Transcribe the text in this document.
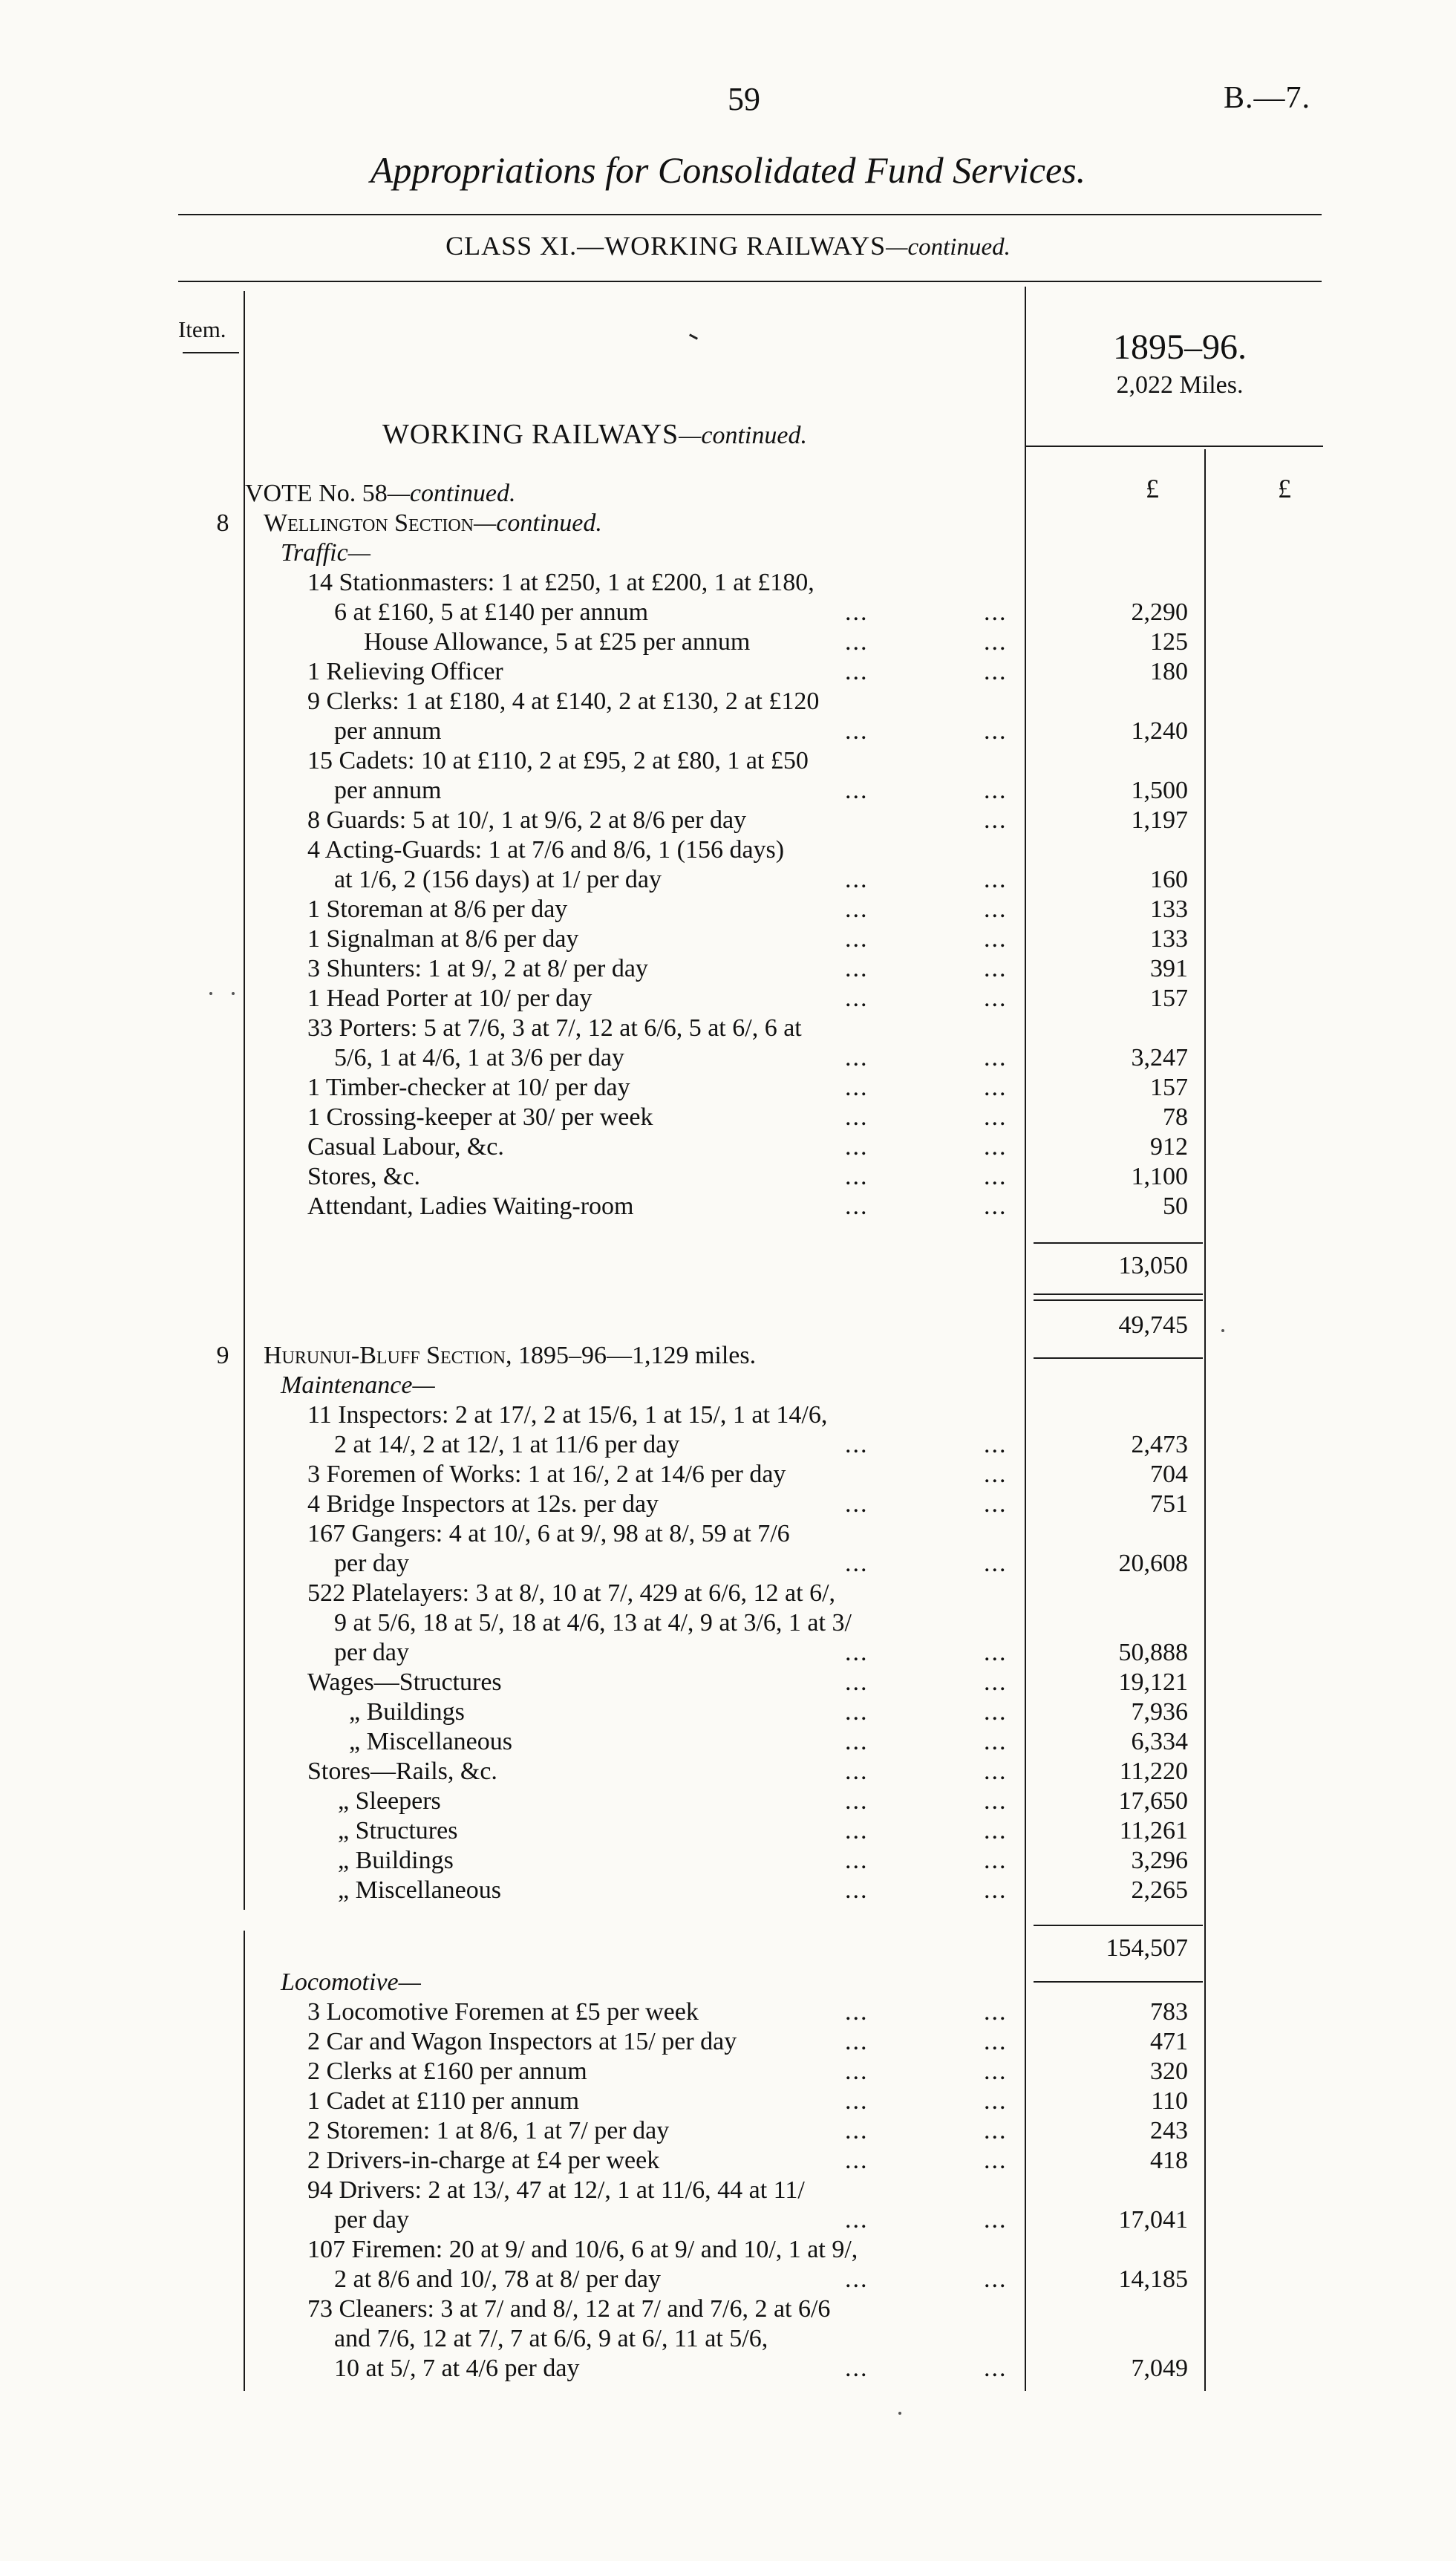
59	B.—7.
Appropriations for Consolidated Fund Services.
CLASS XI.—WORKING RAILWAYS—continued.
Item.	1895–96.
2,022 Miles.
WORKING RAILWAYS—continued.
£	£
VOTE No. 58—continued.
8	Wellington Section—continued.
Traffic—
14 Stationmasters: 1 at £250, 1 at £200, 1 at £180,
6 at £160, 5 at £140 per annum	...	...	2,290
House Allowance, 5 at £25 per annum	...	...	125
1 Relieving Officer	...	...	180
9 Clerks: 1 at £180, 4 at £140, 2 at £130, 2 at £120
per annum	...	...	1,240
15 Cadets: 10 at £110, 2 at £95, 2 at £80, 1 at £50
per annum	...	...	1,500
8 Guards: 5 at 10/, 1 at 9/6, 2 at 8/6 per day	...	1,197
4 Acting-Guards: 1 at 7/6 and 8/6, 1 (156 days)
at 1/6, 2 (156 days) at 1/ per day	...	...	160
1 Storeman at 8/6 per day	...	...	133
1 Signalman at 8/6 per day	...	...	133
3 Shunters: 1 at 9/, 2 at 8/ per day	...	...	391
1 Head Porter at 10/ per day	...	...	157
33 Porters: 5 at 7/6, 3 at 7/, 12 at 6/6, 5 at 6/, 6 at
5/6, 1 at 4/6, 1 at 3/6 per day	...	...	3,247
1 Timber-checker at 10/ per day	...	...	157
1 Crossing-keeper at 30/ per week	...	...	78
Casual Labour, &c.	...	...	912
Stores, &c.	...	...	1,100
Attendant, Ladies Waiting-room	...	...	50
13,050
49,745
9	Hurunui-Bluff Section, 1895–96—1,129 miles.
Maintenance—
11 Inspectors: 2 at 17/, 2 at 15/6, 1 at 15/, 1 at 14/6,
2 at 14/, 2 at 12/, 1 at 11/6 per day	...	...	2,473
3 Foremen of Works: 1 at 16/, 2 at 14/6 per day	...	704
4 Bridge Inspectors at 12s. per day	...	...	751
167 Gangers: 4 at 10/, 6 at 9/, 98 at 8/, 59 at 7/6
per day	...	...	20,608
522 Platelayers: 3 at 8/, 10 at 7/, 429 at 6/6, 12 at 6/,
9 at 5/6, 18 at 5/, 18 at 4/6, 13 at 4/, 9 at 3/6, 1 at 3/
per day	...	...	50,888
Wages—Structures	...	...	19,121
„ Buildings	...	...	7,936
„ Miscellaneous	...	...	6,334
Stores—Rails, &c.	...	...	11,220
„ Sleepers	...	...	17,650
„ Structures	...	...	11,261
„ Buildings	...	...	3,296
„ Miscellaneous	...	...	2,265
154,507
Locomotive—
3 Locomotive Foremen at £5 per week	...	...	783
2 Car and Wagon Inspectors at 15/ per day	...	...	471
2 Clerks at £160 per annum	...	...	320
1 Cadet at £110 per annum	...	...	110
2 Storemen: 1 at 8/6, 1 at 7/ per day	...	...	243
2 Drivers-in-charge at £4 per week	...	...	418
94 Drivers: 2 at 13/, 47 at 12/, 1 at 11/6, 44 at 11/
per day	...	...	17,041
107 Firemen: 20 at 9/ and 10/6, 6 at 9/ and 10/, 1 at 9/,
2 at 8/6 and 10/, 78 at 8/ per day	...	...	14,185
73 Cleaners: 3 at 7/ and 8/, 12 at 7/ and 7/6, 2 at 6/6
and 7/6, 12 at 7/, 7 at 6/6, 9 at 6/, 11 at 5/6,
10 at 5/, 7 at 4/6 per day	...	...	7,049
